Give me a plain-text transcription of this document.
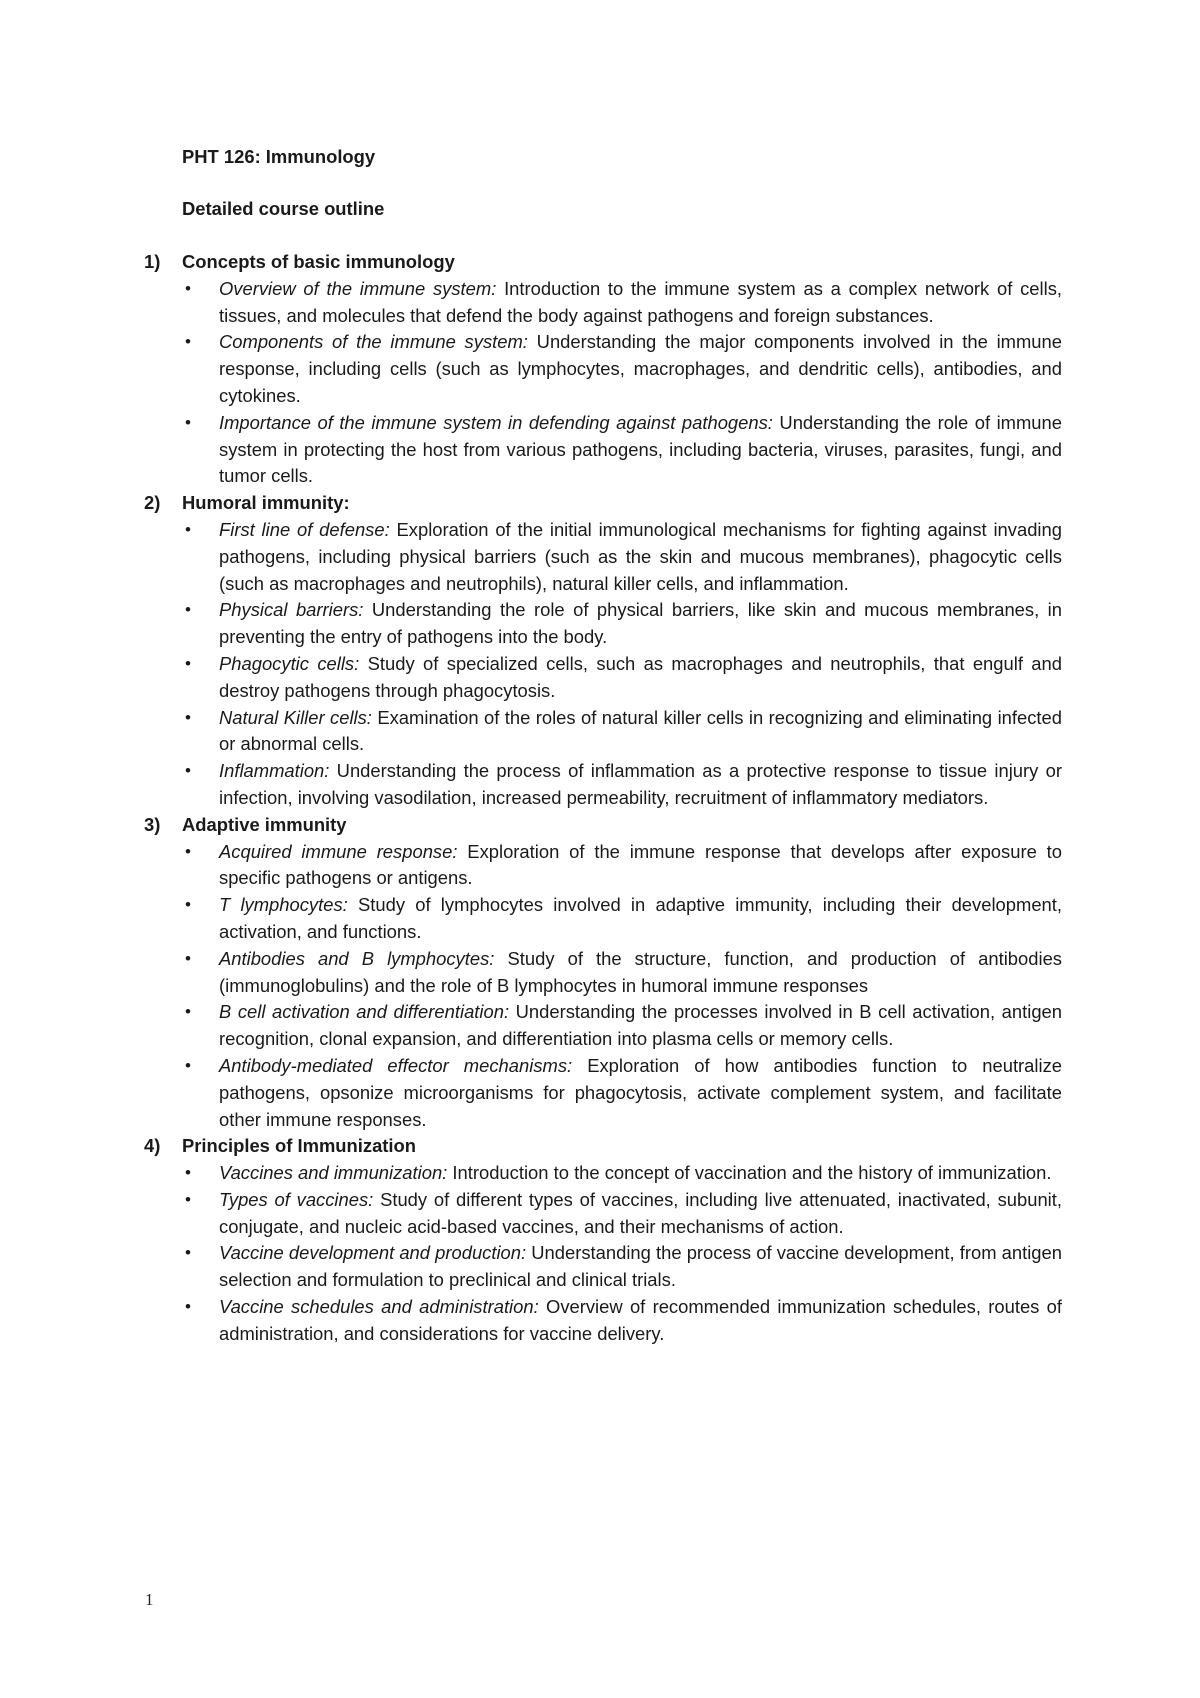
PHT 126: Immunology

Detailed course outline

1) Concepts of basic immunology
• Overview of the immune system: Introduction to the immune system as a complex network of cells, tissues, and molecules that defend the body against pathogens and foreign substances.
• Components of the immune system: Understanding the major components involved in the immune response, including cells (such as lymphocytes, macrophages, and dendritic cells), antibodies, and cytokines.
• Importance of the immune system in defending against pathogens: Understanding the role of immune system in protecting the host from various pathogens, including bacteria, viruses, parasites, fungi, and tumor cells.
2) Humoral immunity:
• First line of defense: Exploration of the initial immunological mechanisms for fighting against invading pathogens, including physical barriers (such as the skin and mucous membranes), phagocytic cells (such as macrophages and neutrophils), natural killer cells, and inflammation.
• Physical barriers: Understanding the role of physical barriers, like skin and mucous membranes, in preventing the entry of pathogens into the body.
• Phagocytic cells: Study of specialized cells, such as macrophages and neutrophils, that engulf and destroy pathogens through phagocytosis.
• Natural Killer cells: Examination of the roles of natural killer cells in recognizing and eliminating infected or abnormal cells.
• Inflammation: Understanding the process of inflammation as a protective response to tissue injury or infection, involving vasodilation, increased permeability, recruitment of inflammatory mediators.
3) Adaptive immunity
• Acquired immune response: Exploration of the immune response that develops after exposure to specific pathogens or antigens.
• T lymphocytes: Study of lymphocytes involved in adaptive immunity, including their development, activation, and functions.
• Antibodies and B lymphocytes: Study of the structure, function, and production of antibodies (immunoglobulins) and the role of B lymphocytes in humoral immune responses
• B cell activation and differentiation: Understanding the processes involved in B cell activation, antigen recognition, clonal expansion, and differentiation into plasma cells or memory cells.
• Antibody-mediated effector mechanisms: Exploration of how antibodies function to neutralize pathogens, opsonize microorganisms for phagocytosis, activate complement system, and facilitate other immune responses.
4) Principles of Immunization
• Vaccines and immunization: Introduction to the concept of vaccination and the history of immunization.
• Types of vaccines: Study of different types of vaccines, including live attenuated, inactivated, subunit, conjugate, and nucleic acid-based vaccines, and their mechanisms of action.
• Vaccine development and production: Understanding the process of vaccine development, from antigen selection and formulation to preclinical and clinical trials.
• Vaccine schedules and administration: Overview of recommended immunization schedules, routes of administration, and considerations for vaccine delivery.
1
